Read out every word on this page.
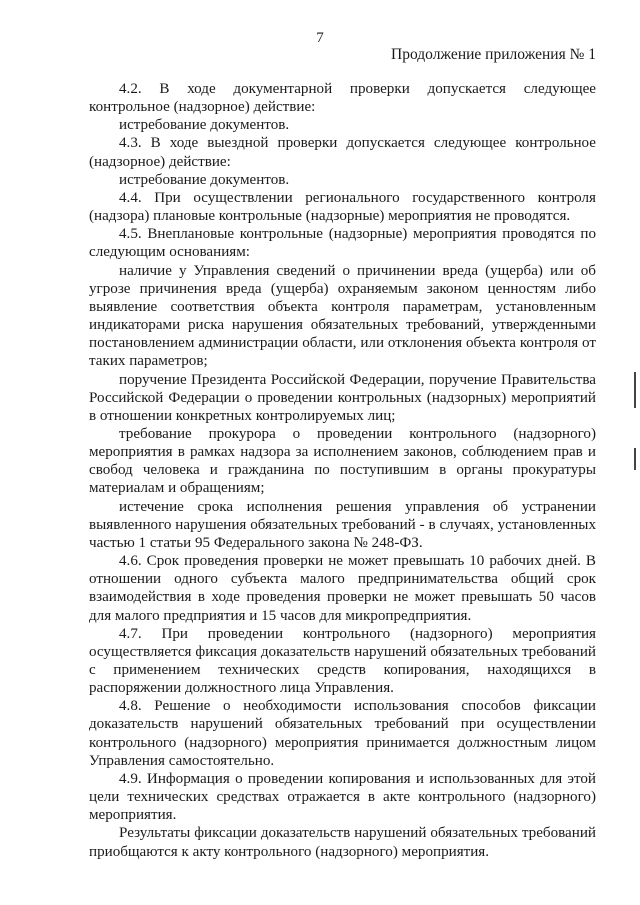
7
Продолжение приложения № 1

4.2. В ходе документарной проверки допускается следующее контрольное (надзорное) действие:

истребование документов.

4.3. В ходе выездной проверки допускается следующее контрольное (надзорное) действие:

истребование документов.

4.4. При осуществлении регионального государственного контроля (надзора) плановые контрольные (надзорные) мероприятия не проводятся.

4.5. Внеплановые контрольные (надзорные) мероприятия проводятся по следующим основаниям:

наличие у Управления сведений о причинении вреда (ущерба) или об угрозе причинения вреда (ущерба) охраняемым законом ценностям либо выявление соответствия объекта контроля параметрам, установленным индикаторами риска нарушения обязательных требований, утвержденными постановлением администрации области, или отклонения объекта контроля от таких параметров;

поручение Президента Российской Федерации, поручение Правительства Российской Федерации о проведении контрольных (надзорных) мероприятий в отношении конкретных контролируемых лиц;

требование прокурора о проведении контрольного (надзорного) мероприятия в рамках надзора за исполнением законов, соблюдением прав и свобод человека и гражданина по поступившим в органы прокуратуры материалам и обращениям;

истечение срока исполнения решения управления об устранении выявленного нарушения обязательных требований - в случаях, установленных частью 1 статьи 95 Федерального закона № 248-ФЗ.

4.6. Срок проведения проверки не может превышать 10 рабочих дней. В отношении одного субъекта малого предпринимательства общий срок взаимодействия в ходе проведения проверки не может превышать 50 часов для малого предприятия и 15 часов для микропредприятия.

4.7. При проведении контрольного (надзорного) мероприятия осуществляется фиксация доказательств нарушений обязательных требований с применением технических средств копирования, находящихся в распоряжении должностного лица Управления.

4.8. Решение о необходимости использования способов фиксации доказательств нарушений обязательных требований при осуществлении контрольного (надзорного) мероприятия принимается должностным лицом Управления самостоятельно.

4.9. Информация о проведении копирования и использованных для этой цели технических средствах отражается в акте контрольного (надзорного) мероприятия.

Результаты фиксации доказательств нарушений обязательных требований приобщаются к акту контрольного (надзорного) мероприятия.
